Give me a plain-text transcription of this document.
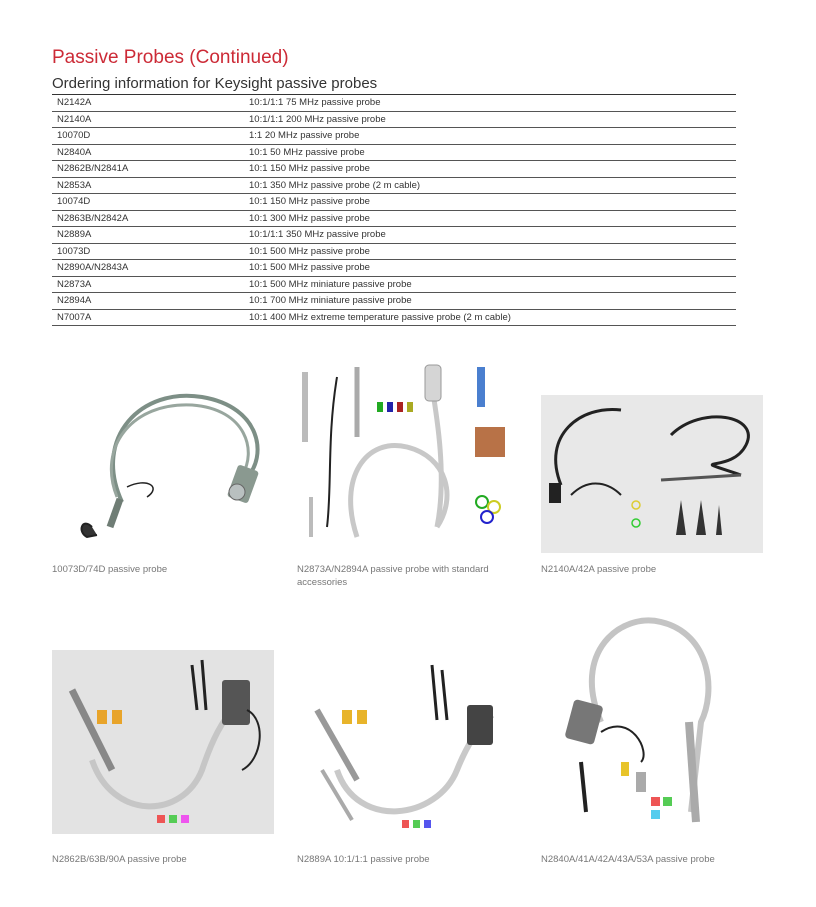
Passive Probes (Continued)
Ordering information for Keysight passive probes
N2142A	10:1/1:1 75 MHz passive probe
N2140A	10:1/1:1 200 MHz passive probe
10070D	1:1 20 MHz passive probe
N2840A	10:1 50 MHz passive probe
N2862B/N2841A	10:1 150 MHz passive probe
N2853A	10:1 350 MHz passive probe (2 m cable)
10074D	10:1 150 MHz passive probe
N2863B/N2842A	10:1 300 MHz passive probe
N2889A	10:1/1:1 350 MHz passive probe
10073D	10:1 500 MHz passive probe
N2890A/N2843A	10:1 500 MHz passive probe
N2873A	10:1 500 MHz miniature passive probe
N2894A	10:1 700 MHz miniature passive probe
N7007A	10:1 400 MHz extreme temperature passive probe (2 m cable)
10073D/74D passive probe	N2873A/N2894A passive probe with standard accessories
N2140A/42A passive probe
N2862B/63B/90A passive probe	N2889A 10:1/1:1 passive probe	N2840A/41A/42A/43A/53A passive probe
